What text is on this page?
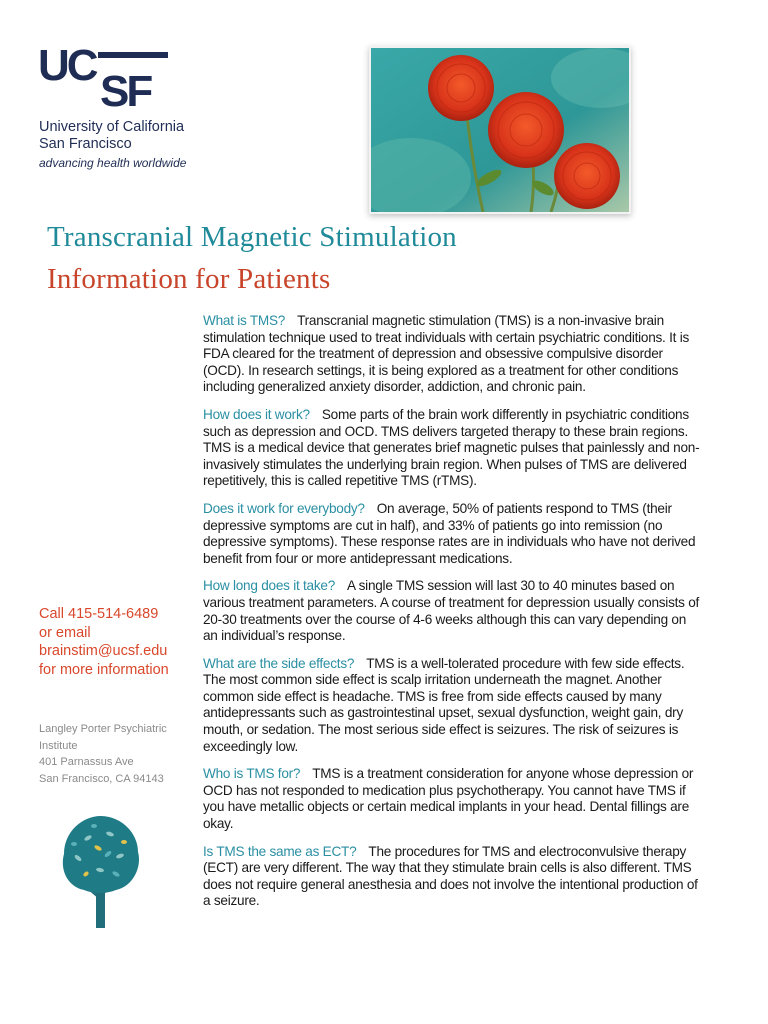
UC
SF
University of California
San Francisco
advancing health worldwide
Transcranial Magnetic Stimulation
Information for Patients

What is TMS? Transcranial magnetic stimulation (TMS) is a non-invasive brain stimulation technique used to treat individuals with certain psychiatric conditions. It is FDA cleared for the treatment of depression and obsessive compulsive disorder (OCD). In research settings, it is being explored as a treatment for other conditions including generalized anxiety disorder, addiction, and chronic pain.

How does it work? Some parts of the brain work differently in psychiatric conditions such as depression and OCD. TMS delivers targeted therapy to these brain regions. TMS is a medical device that generates brief magnetic pulses that painlessly and non-invasively stimulates the underlying brain region. When pulses of TMS are delivered repetitively, this is called repetitive TMS (rTMS).

Does it work for everybody? On average, 50% of patients respond to TMS (their depressive symptoms are cut in half), and 33% of patients go into remission (no depressive symptoms). These response rates are in individuals who have not derived benefit from four or more antidepressant medications.

How long does it take? A single TMS session will last 30 to 40 minutes based on various treatment parameters. A course of treatment for depression usually consists of 20-30 treatments over the course of 4-6 weeks although this can vary depending on an individual’s response.

What are the side effects? TMS is a well-tolerated procedure with few side effects. The most common side effect is scalp irritation underneath the magnet. Another common side effect is headache. TMS is free from side effects caused by many antidepressants such as gastrointestinal upset, sexual dysfunction, weight gain, dry mouth, or sedation. The most serious side effect is seizures. The risk of seizures is exceedingly low.

Who is TMS for? TMS is a treatment consideration for anyone whose depression or OCD has not responded to medication plus psychotherapy. You cannot have TMS if you have metallic objects or certain medical implants in your head. Dental fillings are okay.

Is TMS the same as ECT? The procedures for TMS and electroconvulsive therapy (ECT) are very different. The way that they stimulate brain cells is also different. TMS does not require general anesthesia and does not involve the intentional production of a seizure.

Call 415-514-6489
or email
brainstim@ucsf.edu
for more information
Langley Porter Psychiatric
Institute
401 Parnassus Ave
San Francisco, CA 94143
